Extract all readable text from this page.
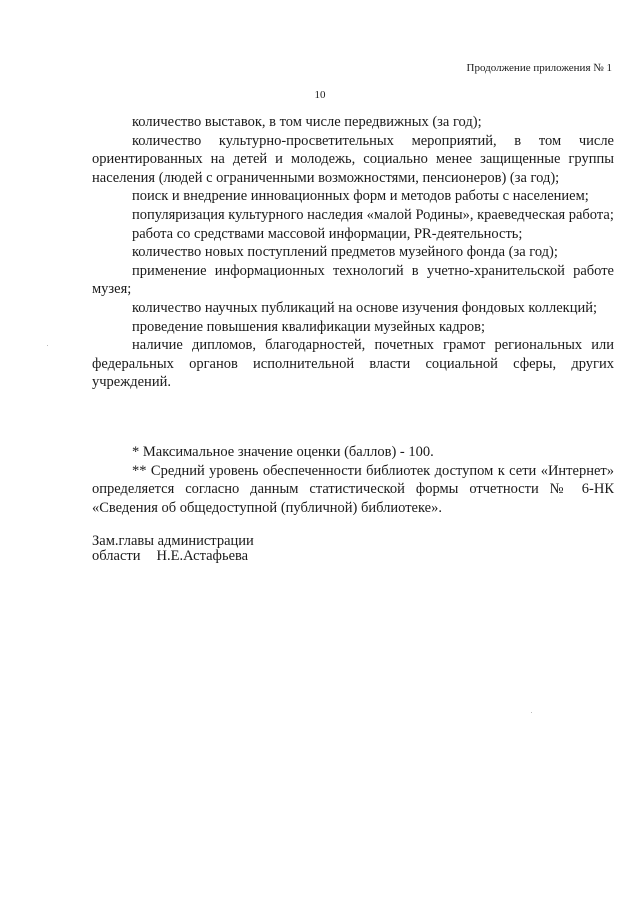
Продолжение приложения № 1
10

количество выставок, в том числе передвижных (за год);

количество культурно-просветительных мероприятий, в том числе ориентированных на детей и молодежь, социально менее защищенные группы населения (людей с ограниченными возможностями, пенсионеров) (за год);

поиск и внедрение инновационных форм и методов работы с населением;

популяризация культурного наследия «малой Родины», краеведческая работа;

работа со средствами массовой информации, PR-деятельность;

количество новых поступлений предметов музейного фонда (за год);

применение информационных технологий в учетно-хранительской работе музея;

количество научных публикаций на основе изучения фондовых коллекций;

проведение повышения квалификации музейных кадров;

наличие дипломов, благодарностей, почетных грамот региональных или федеральных органов исполнительной власти социальной сферы, других учреждений.

* Максимальное значение оценки (баллов) - 100.

** Средний уровень обеспеченности библиотек доступом к сети «Интернет» определяется согласно данным статистической формы отчетности № 6-НК «Сведения об общедоступной (публичной) библиотеке».

Зам.главы администрации
области Н.Е.Астафьева
